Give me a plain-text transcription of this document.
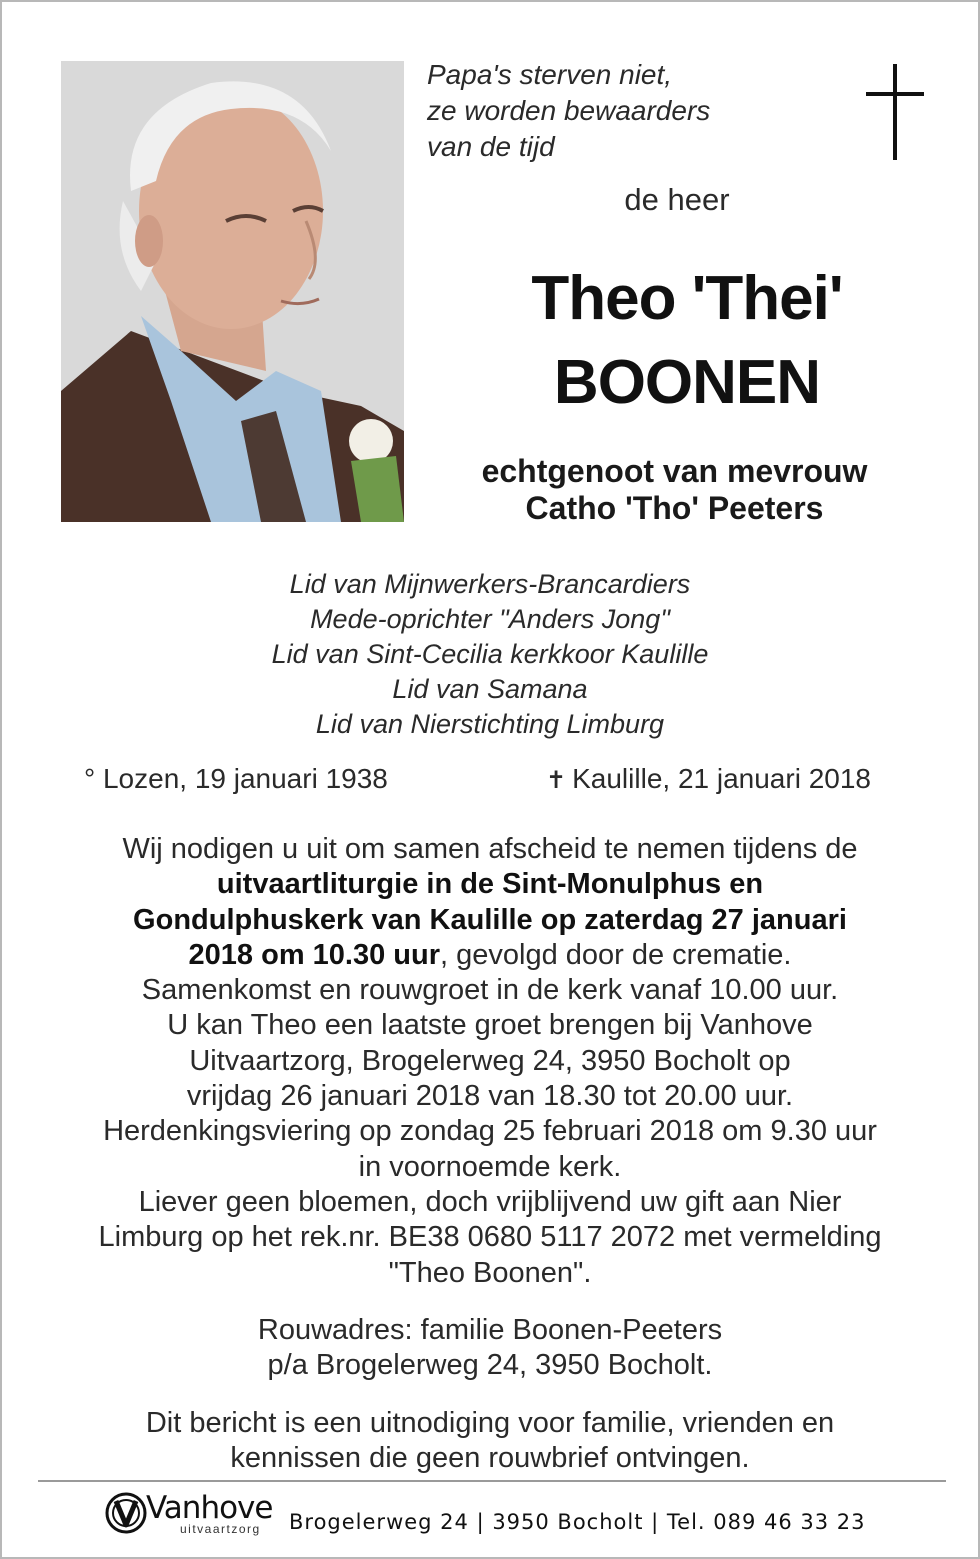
Papa's sterven niet,
ze worden bewaarders
van de tijd
de heer
Theo 'Thei'
BOONEN
echtgenoot van mevrouw
Catho 'Tho' Peeters
Lid van Mijnwerkers-Brancardiers
Mede-oprichter "Anders Jong"
Lid van Sint-Cecilia kerkkoor Kaulille
Lid van Samana
Lid van Nierstichting Limburg
° Lozen, 19 januari 1938	✝ Kaulille, 21 januari 2018
Wij nodigen u uit om samen afscheid te nemen tijdens de
uitvaartliturgie in de Sint-Monulphus en
Gondulphuskerk van Kaulille op zaterdag 27 januari
2018 om 10.30 uur, gevolgd door de crematie.
Samenkomst en rouwgroet in de kerk vanaf 10.00 uur.
U kan Theo een laatste groet brengen bij Vanhove
Uitvaartzorg, Brogelerweg 24, 3950 Bocholt op
vrijdag 26 januari 2018 van 18.30 tot 20.00 uur.
Herdenkingsviering op zondag 25 februari 2018 om 9.30 uur
in voornoemde kerk.
Liever geen bloemen, doch vrijblijvend uw gift aan Nier
Limburg op het rek.nr. BE38 0680 5117 2072 met vermelding
"Theo Boonen".
Rouwadres: familie Boonen-Peeters
p/a Brogelerweg 24, 3950 Bocholt.
Dit bericht is een uitnodiging voor familie, vrienden en
kennissen die geen rouwbrief ontvingen.
Vanhove
uitvaartzorg Brogelerweg 24 | 3950 Bocholt | Tel. 089 46 33 23
